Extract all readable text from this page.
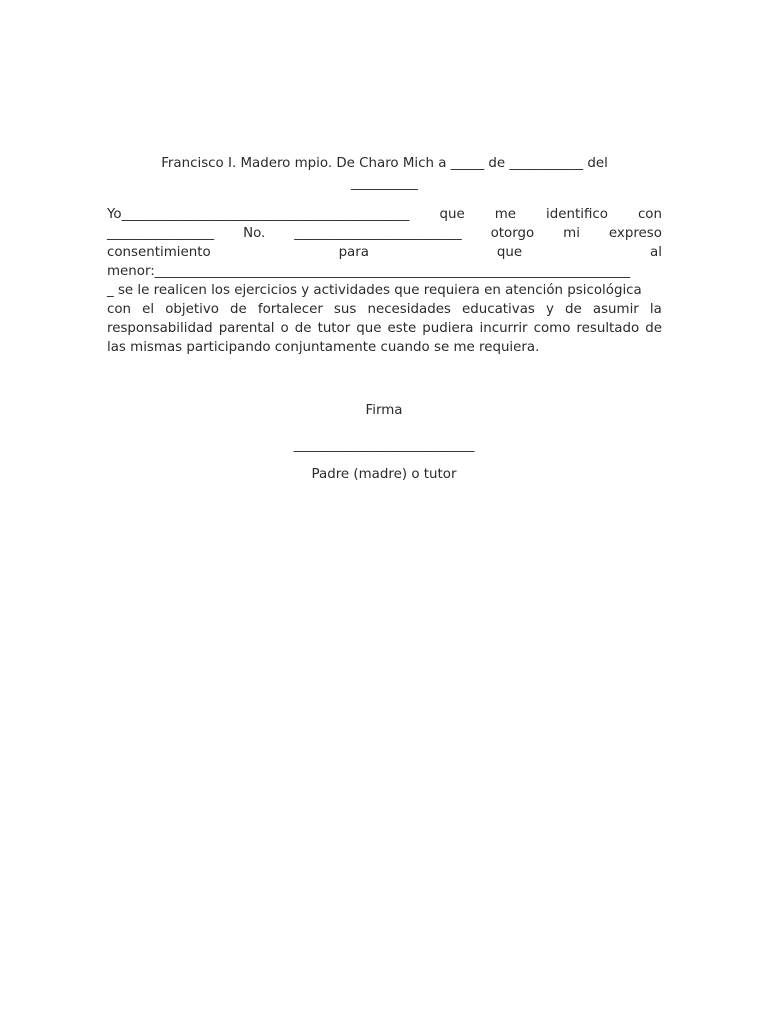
Francisco I. Madero mpio. De Charo Mich a _____ de ___________ del
__________
Yo___________________________________________ que me identifico con
________________ No. _________________________ otorgo mi expreso
consentimiento	para	que	al
menor:_______________________________________________________________________
_ se le realicen los ejercicios y actividades que requiera en atención psicológica
con el objetivo de fortalecer sus necesidades educativas y de asumir la
responsabilidad parental o de tutor que este pudiera incurrir como resultado de
las mismas participando conjuntamente cuando se me requiera.
Firma
___________________________
Padre (madre) o tutor
